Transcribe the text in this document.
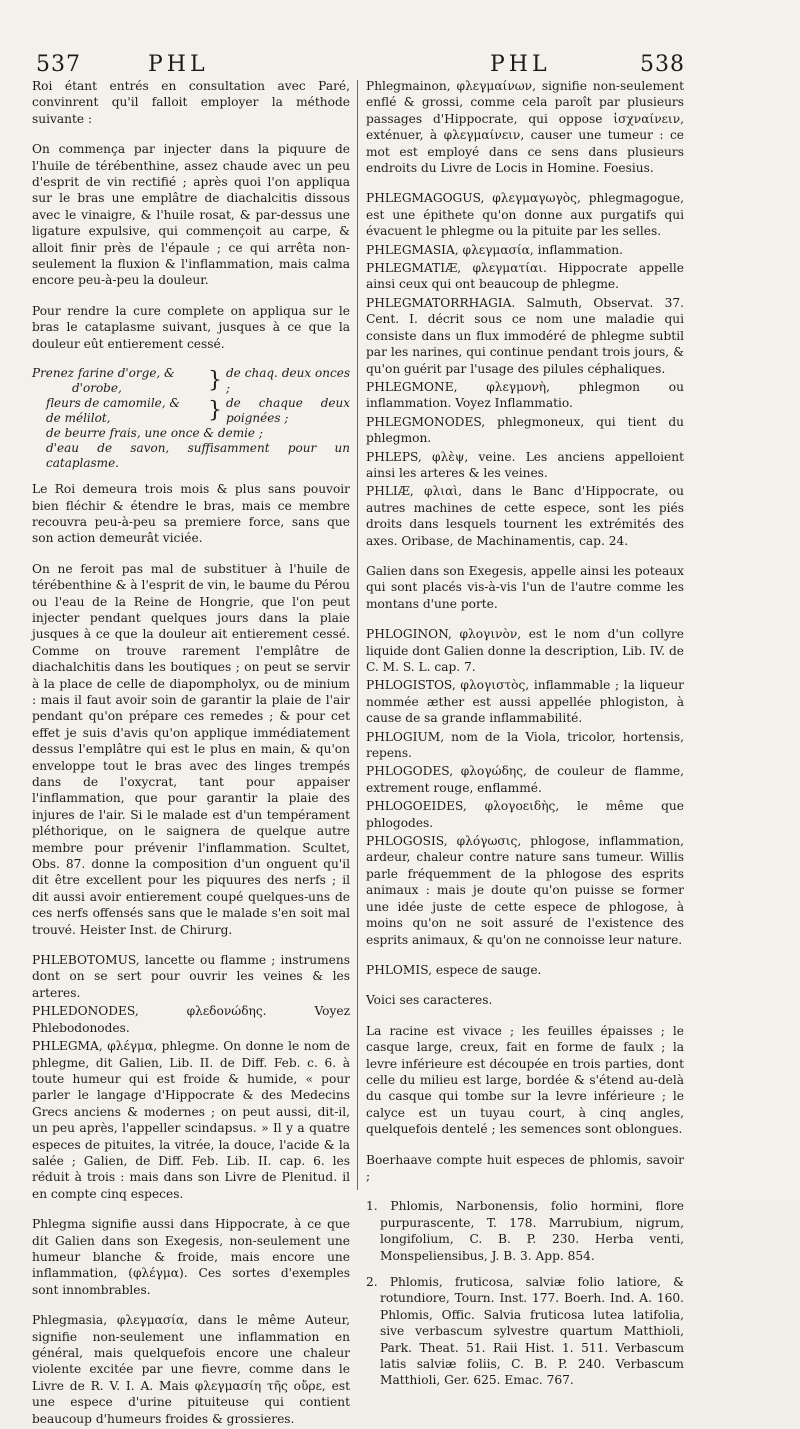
537	PHL	PHL	538

Roi étant entrés en consultation avec Paré, convinrent qu'il falloit employer la méthode suivante :

On commença par injecter dans la piquure de l'huile de térébenthine, assez chaude avec un peu d'esprit de vin rectifié ; après quoi l'on appliqua sur le bras une emplâtre de diachalcitis dissous avec le vinaigre, & l'huile rosat, & par-dessus une ligature expulsive, qui commençoit au carpe, & alloit finir près de l'épaule ; ce qui arrêta non-seulement la fluxion & l'inflammation, mais calma encore peu-à-peu la douleur.

Pour rendre la cure complete on appliqua sur le bras le cataplasme suivant, jusques à ce que la douleur eût entierement cessé.

Prenez farine d'orge, &
d'orobe,	} de chaq. deux onces ;
fleurs de camomile, &
de mélilot,	} de chaque deux poignées ;
de beurre frais, une once & demie ;
d'eau de savon, suffisamment pour un cataplasme.

Le Roi demeura trois mois & plus sans pouvoir bien fléchir & étendre le bras, mais ce membre recouvra peu-à-peu sa premiere force, sans que son action demeurât viciée.

On ne feroit pas mal de substituer à l'huile de térébenthine & à l'esprit de vin, le baume du Pérou ou l'eau de la Reine de Hongrie, que l'on peut injecter pendant quelques jours dans la plaie jusques à ce que la douleur ait entierement cessé. Comme on trouve rarement l'emplâtre de diachalchitis dans les boutiques ; on peut se servir à la place de celle de diapompholyx, ou de minium : mais il faut avoir soin de garantir la plaie de l'air pendant qu'on prépare ces remedes ; & pour cet effet je suis d'avis qu'on applique immédiatement dessus l'emplâtre qui est le plus en main, & qu'on enveloppe tout le bras avec des linges trempés dans de l'oxycrat, tant pour appaiser l'inflammation, que pour garantir la plaie des injures de l'air. Si le malade est d'un tempérament pléthorique, on le saignera de quelque autre membre pour prévenir l'inflammation. Scultet, Obs. 87. donne la composition d'un onguent qu'il dit être excellent pour les piquures des nerfs ; il dit aussi avoir entierement coupé quelques-uns de ces nerfs offensés sans que le malade s'en soit mal trouvé. Heister Inst. de Chirurg.

PHLEBOTOMUS, lancette ou flamme ; instrumens dont on se sert pour ouvrir les veines & les arteres.

PHLEDONODES, φλεδονώδης. Voyez Phlebodonodes.

PHLEGMA, φλέγμα, phlegme. On donne le nom de phlegme, dit Galien, Lib. II. de Diff. Feb. c. 6. à toute humeur qui est froide & humide, « pour parler le langage d'Hippocrate & des Medecins Grecs anciens & modernes ; on peut aussi, dit-il, un peu après, l'appeller scindapsus. » Il y a quatre especes de pituites, la vitrée, la douce, l'acide & la salée ; Galien, de Diff. Feb. Lib. II. cap. 6. les réduit à trois : mais dans son Livre de Plenitud. il en compte cinq especes.

Phlegma signifie aussi dans Hippocrate, à ce que dit Galien dans son Exegesis, non-seulement une humeur blanche & froide, mais encore une inflammation, (φλέγμα). Ces sortes d'exemples sont innombrables.

Phlegmasia, φλεγμασία, dans le même Auteur, signifie non-seulement une inflammation en général, mais quelquefois encore une chaleur violente excitée par une fievre, comme dans le Livre de R. V. I. A. Mais φλεγμασίη τῆς οὔρε, est une espece d'urine pituiteuse qui contient beaucoup d'humeurs froides & grossieres.

Phlegmainon, φλεγμαίνων, signifie non-seulement enflé & grossi, comme cela paroît par plusieurs passages d'Hippocrate, qui oppose ἰσχναίνειν, exténuer, à φλεγμαίνειν, causer une tumeur : ce mot est employé dans ce sens dans plusieurs endroits du Livre de Locis in Homine. Foesius.

PHLEGMAGOGUS, φλεγμαγωγὸς, phlegmagogue, est une épithete qu'on donne aux purgatifs qui évacuent le phlegme ou la pituite par les selles.

PHLEGMASIA, φλεγμασία, inflammation.

PHLEGMATIÆ, φλεγματίαι. Hippocrate appelle ainsi ceux qui ont beaucoup de phlegme.

PHLEGMATORRHAGIA. Salmuth, Observat. 37. Cent. I. décrit sous ce nom une maladie qui consiste dans un flux immodéré de phlegme subtil par les narines, qui continue pendant trois jours, & qu'on guérit par l'usage des pilules céphaliques.

PHLEGMONE, φλεγμονὴ, phlegmon ou inflammation. Voyez Inflammatio.

PHLEGMONODES, phlegmoneux, qui tient du phlegmon.

PHLEPS, φλὲψ, veine. Les anciens appelloient ainsi les arteres & les veines.

PHLIÆ, φλιαὶ, dans le Banc d'Hippocrate, ou autres machines de cette espece, sont les piés droits dans lesquels tournent les extrémités des axes. Oribase, de Machinamentis, cap. 24.

Galien dans son Exegesis, appelle ainsi les poteaux qui sont placés vis-à-vis l'un de l'autre comme les montans d'une porte.

PHLOGINON, φλογινὸν, est le nom d'un collyre liquide dont Galien donne la description, Lib. IV. de C. M. S. L. cap. 7.

PHLOGISTOS, φλογιστὸς, inflammable ; la liqueur nommée æther est aussi appellée phlogiston, à cause de sa grande inflammabilité.

PHLOGIUM, nom de la Viola, tricolor, hortensis, repens.

PHLOGODES, φλογώδης, de couleur de flamme, extrement rouge, enflammé.

PHLOGOEIDES, φλογοειδὴς, le même que phlogodes.

PHLOGOSIS, φλόγωσις, phlogose, inflammation, ardeur, chaleur contre nature sans tumeur. Willis parle fréquemment de la phlogose des esprits animaux : mais je doute qu'on puisse se former une idée juste de cette espece de phlogose, à moins qu'on ne soit assuré de l'existence des esprits animaux, & qu'on ne connoisse leur nature.

PHLOMIS, espece de sauge.

Voici ses caracteres.

La racine est vivace ; les feuilles épaisses ; le casque large, creux, fait en forme de faulx ; la levre inférieure est découpée en trois parties, dont celle du milieu est large, bordée & s'étend au-delà du casque qui tombe sur la levre inférieure ; le calyce est un tuyau court, à cinq angles, quelquefois dentelé ; les semences sont oblongues.

Boerhaave compte huit especes de phlomis, savoir ;

1. Phlomis, Narbonensis, folio hormini, flore purpurascente, T. 178. Marrubium, nigrum, longifolium, C. B. P. 230. Herba venti, Monspeliensibus, J. B. 3. App. 854.

2. Phlomis, fruticosa, salviæ folio latiore, & rotundiore, Tourn. Inst. 177. Boerh. Ind. A. 160. Phlomis, Offic. Salvia fruticosa lutea latifolia, sive verbascum sylvestre quartum Matthioli, Park. Theat. 51. Raii Hist. 1. 511. Verbascum latis salviæ foliis, C. B. P. 240. Verbascum Matthioli, Ger. 625. Emac. 767.
